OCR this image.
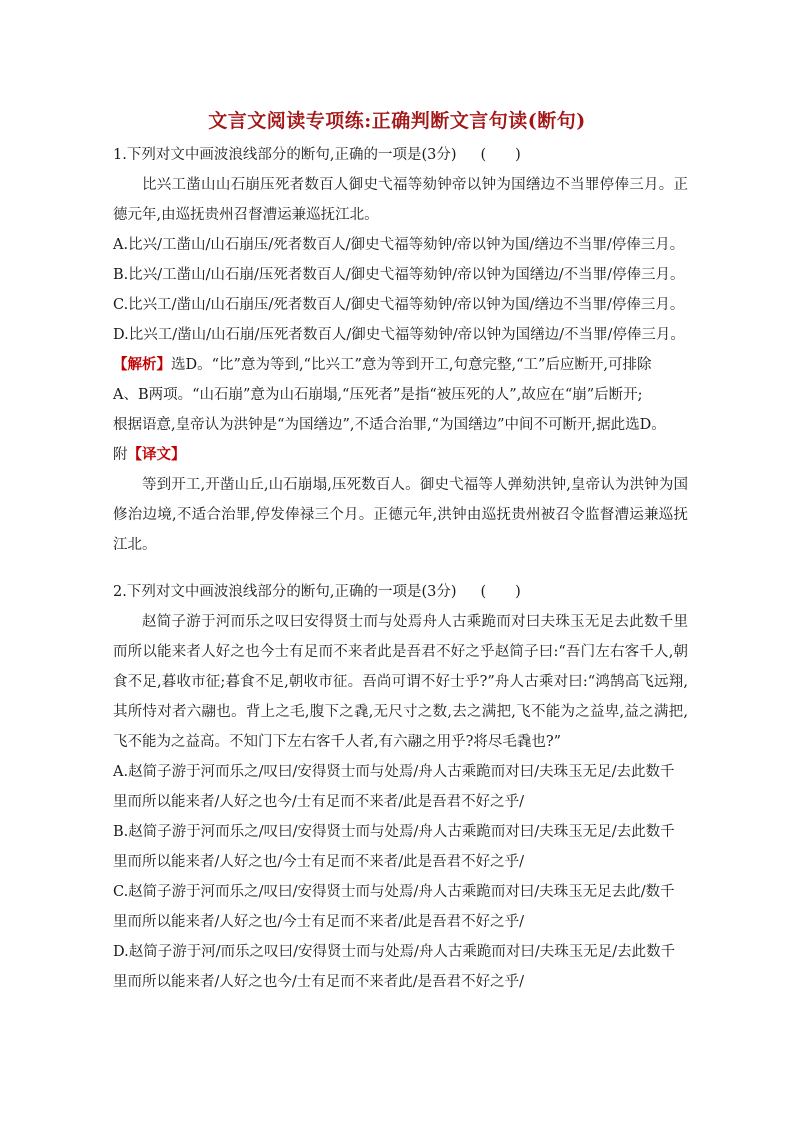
文言文阅读专项练:正确判断文言句读(断句)

1.下列对文中画波浪线部分的断句,正确的一项是(3分) (　　)

比兴工凿山山石崩压死者数百人御史弋福等劾钟帝以钟为国缮边不当罪停俸三月。正德元年,由巡抚贵州召督漕运兼巡抚江北。

A.比兴/工凿山/山石崩压/死者数百人/御史弋福等劾钟/帝以钟为国/缮边不当罪/停俸三月。

B.比兴/工凿山/山石崩/压死者数百人/御史弋福等劾钟/帝以钟为国缮边/不当罪/停俸三月。

C.比兴工/凿山/山石崩压/死者数百人/御史弋福等劾钟/帝以钟为国/缮边不当罪/停俸三月。

D.比兴工/凿山/山石崩/压死者数百人/御史弋福等劾钟/帝以钟为国缮边/不当罪/停俸三月。

【解析】选D。“比”意为等到,“比兴工”意为等到开工,句意完整,“工”后应断开,可排除

A、B两项。“山石崩”意为山石崩塌,“压死者”是指“被压死的人”,故应在“崩”后断开;

根据语意,皇帝认为洪钟是“为国缮边”,不适合治罪,“为国缮边”中间不可断开,据此选D。

附【译文】

等到开工,开凿山丘,山石崩塌,压死数百人。御史弋福等人弹劾洪钟,皇帝认为洪钟为国修治边境,不适合治罪,停发俸禄三个月。正德元年,洪钟由巡抚贵州被召令监督漕运兼巡抚江北。

2.下列对文中画波浪线部分的断句,正确的一项是(3分) (　　)

赵简子游于河而乐之叹曰安得贤士而与处焉舟人古乘跪而对曰夫珠玉无足去此数千里而所以能来者人好之也今士有足而不来者此是吾君不好之乎赵简子曰:“吾门左右客千人,朝食不足,暮收市征;暮食不足,朝收市征。吾尚可谓不好士乎?”舟人古乘对曰:“鸿鹄高飞远翔,其所恃对者六翮也。背上之毛,腹下之毳,无尺寸之数,去之满把,飞不能为之益卑,益之满把,飞不能为之益高。不知门下左右客千人者,有六翮之用乎?将尽毛毳也?”

A.赵简子游于河而乐之/叹曰/安得贤士而与处焉/舟人古乘跪而对曰/夫珠玉无足/去此数千里而所以能来者/人好之也今/士有足而不来者/此是吾君不好之乎/

B.赵简子游于河而乐之/叹曰/安得贤士而与处焉/舟人古乘跪而对曰/夫珠玉无足/去此数千里而所以能来者/人好之也/今士有足而不来者/此是吾君不好之乎/

C.赵简子游于河而乐之/叹曰/安得贤士而与处焉/舟人古乘跪而对曰/夫珠玉无足去此/数千里而所以能来者/人好之也/今士有足而不来者/此是吾君不好之乎/

D.赵简子游于河/而乐之叹曰/安得贤士而与处焉/舟人古乘跪而对曰/夫珠玉无足/去此数千里而所以能来者/人好之也今/士有足而不来者此/是吾君不好之乎/
